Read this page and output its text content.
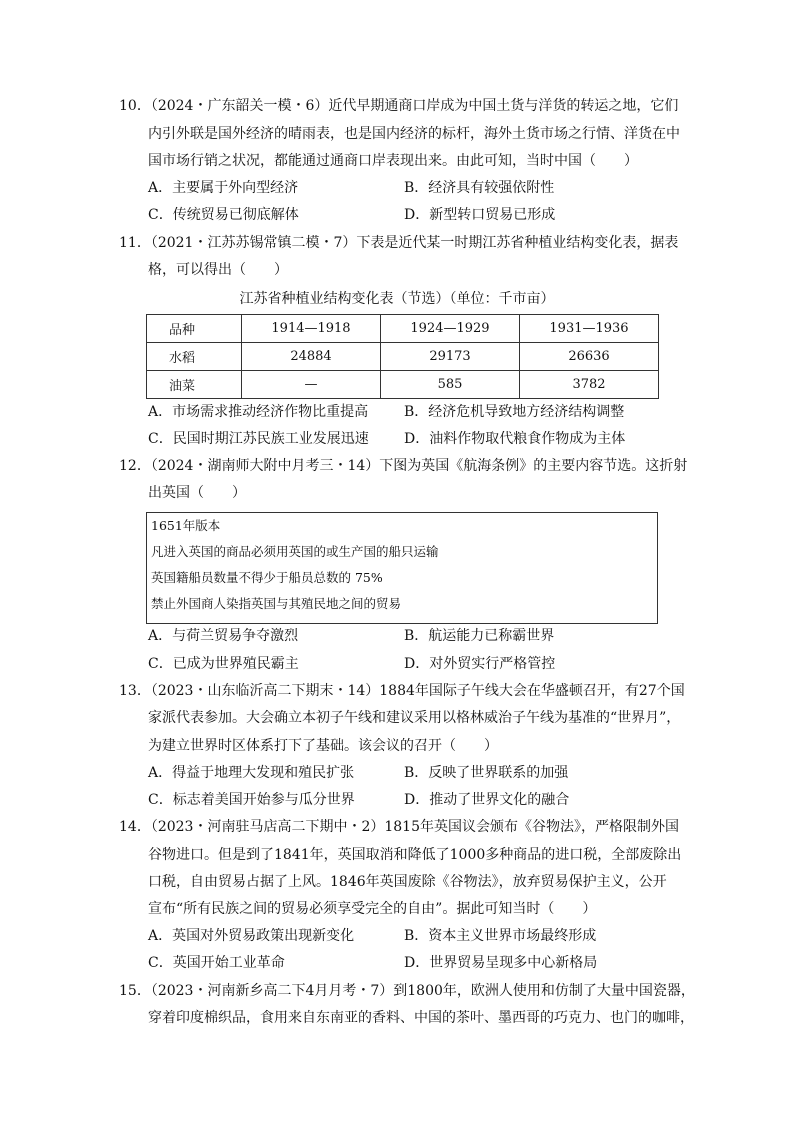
10．（2024・广东韶关一模・6）近代早期通商口岸成为中国土货与洋货的转运之地，它们
内引外联是国外经济的晴雨表，也是国内经济的标杆，海外土货市场之行情、洋货在中
国市场行销之状况，都能通过通商口岸表现出来。由此可知，当时中国（　　）
A．主要属于外向型经济	B．经济具有较强依附性
C．传统贸易已彻底解体	D．新型转口贸易已形成
11．（2021・江苏苏锡常镇二模・7）下表是近代某一时期江苏省种植业结构变化表，据表
格，可以得出（　　）
江苏省种植业结构变化表（节选）（单位：千市亩）
品种	1914—1918	1924—1929	1931—1936
水稻	24884	29173	26636
油菜	—	585	3782
A．市场需求推动经济作物比重提高	B．经济危机导致地方经济结构调整
C．民国时期江苏民族工业发展迅速	D．油料作物取代粮食作物成为主体
12．（2024・湖南师大附中月考三・14）下图为英国《航海条例》的主要内容节选。这折射
出英国（　　）
1651年版本
凡进入英国的商品必须用英国的或生产国的船只运输
英国籍船员数量不得少于船员总数的 75%
禁止外国商人染指英国与其殖民地之间的贸易
A．与荷兰贸易争夺激烈	B．航运能力已称霸世界
C．已成为世界殖民霸主	D．对外贸实行严格管控
13．（2023・山东临沂高二下期末・14）1884年国际子午线大会在华盛顿召开，有27个国
家派代表参加。大会确立本初子午线和建议采用以格林威治子午线为基准的“世界月”，
为建立世界时区体系打下了基础。该会议的召开（　　）
A．得益于地理大发现和殖民扩张	B．反映了世界联系的加强
C．标志着美国开始参与瓜分世界	D．推动了世界文化的融合
14．（2023・河南驻马店高二下期中・2）1815年英国议会颁布《谷物法》，严格限制外国
谷物进口。但是到了1841年，英国取消和降低了1000多种商品的进口税，全部废除出
口税，自由贸易占据了上风。1846年英国废除《谷物法》，放弃贸易保护主义，公开
宣布“所有民族之间的贸易必须享受完全的自由”。据此可知当时（　　）
A．英国对外贸易政策出现新变化	B．资本主义世界市场最终形成
C．英国开始工业革命	D．世界贸易呈现多中心新格局
15．（2023・河南新乡高二下4月月考・7）到1800年，欧洲人使用和仿制了大量中国瓷器，
穿着印度棉织品，食用来自东南亚的香料、中国的茶叶、墨西哥的巧克力、也门的咖啡，
